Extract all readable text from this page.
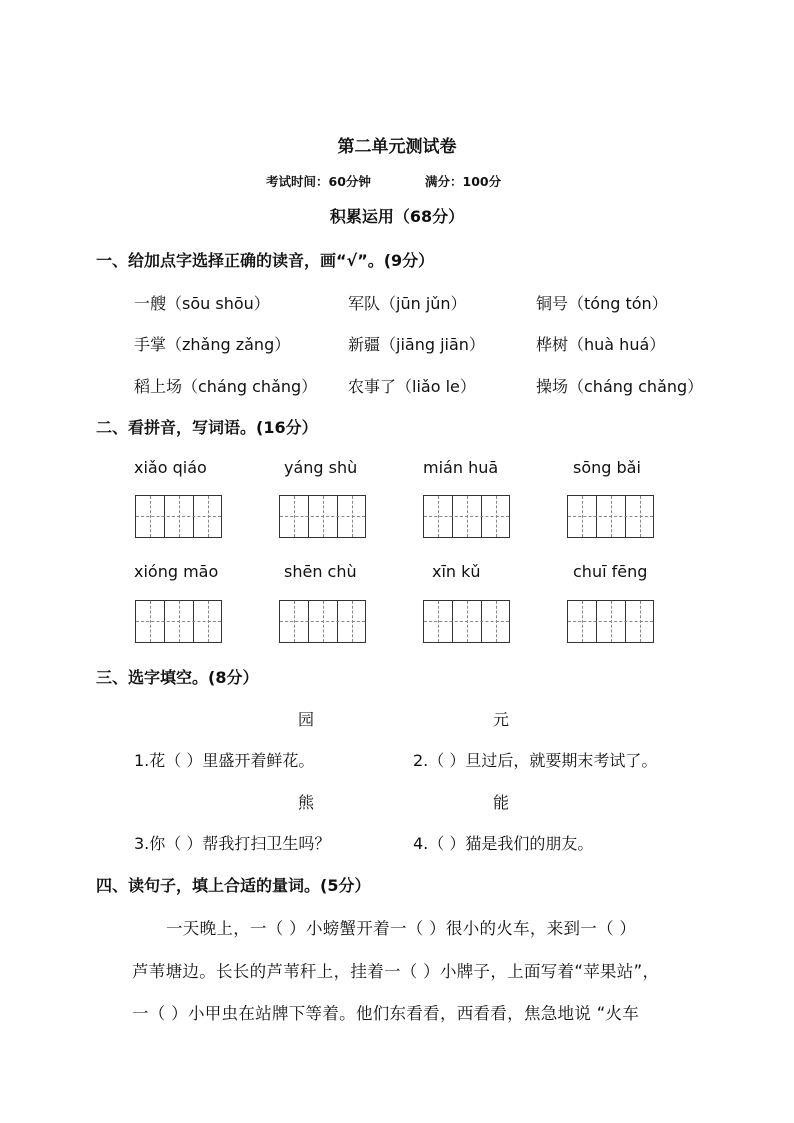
第二单元测试卷
考试时间：60分钟	满分：100分
积累运用（68分）
一、给加点字选择正确的读音，画“√”。(9分）
一艘（sōu shōu）	军队（jūn jǔn）	铜号（tóng tón）
手掌（zhǎng zǎng）	新疆（jiāng jiān）	桦树（huà huá）
稻上场（cháng chǎng） 农事了（liǎo le）	操场（cháng chǎng）
二、看拼音，写词语。(16分）
xiǎo qiáo	yáng shù	mián huā	sōng bǎi
xióng māo	shēn chù	xīn kǔ	chuī fēng
三、选字填空。(8分）
园	元
1.花（ ）里盛开着鲜花。	2.（ ）旦过后，就要期末考试了。
熊	能
3.你（ ）帮我打扫卫生吗？	4.（ ）猫是我们的朋友。
四、读句子，填上合适的量词。(5分）
一天晚上，一（ ）小螃蟹开着一（ ）很小的火车，来到一（ ）
芦苇塘边。长长的芦苇秆上，挂着一（ ）小牌子，上面写着“苹果站”，
一（ ）小甲虫在站牌下等着。他们东看看，西看看，焦急地说 “火车
